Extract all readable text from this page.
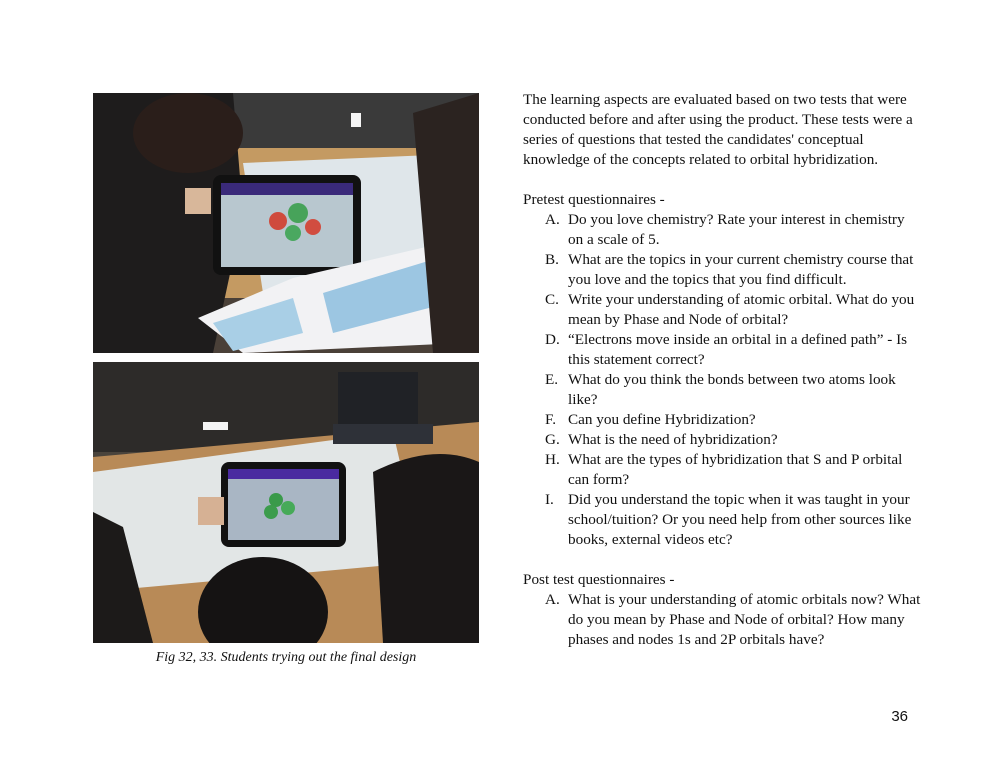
Fig 32, 33. Students trying out the final design

The learning aspects are evaluated based on two tests that were conducted before and after using the product. These tests were a series of questions that tested the candidates' conceptual knowledge of the concepts related to orbital hybridization.

Pretest questionnaires -

A. Do you love chemistry? Rate your interest in chemistry on a scale of 5.
B. What are the topics in your current chemistry course that you love and the topics that you find difficult.
C. Write your understanding of atomic orbital. What do you mean by Phase and Node of orbital?
D. “Electrons move inside an orbital in a defined path” - Is this statement correct?
E. What do you think the bonds between two atoms look like?
F. Can you define Hybridization?
G. What is the need of hybridization?
H. What are the types of hybridization that S and P orbital can form?
I. Did you understand the topic when it was taught in your school/tuition? Or you need help from other sources like books, external videos etc?

Post test questionnaires -

A. What is your understanding of atomic orbitals now? What do you mean by Phase and Node of orbital? How many phases and nodes 1s and 2P orbitals have?
36
